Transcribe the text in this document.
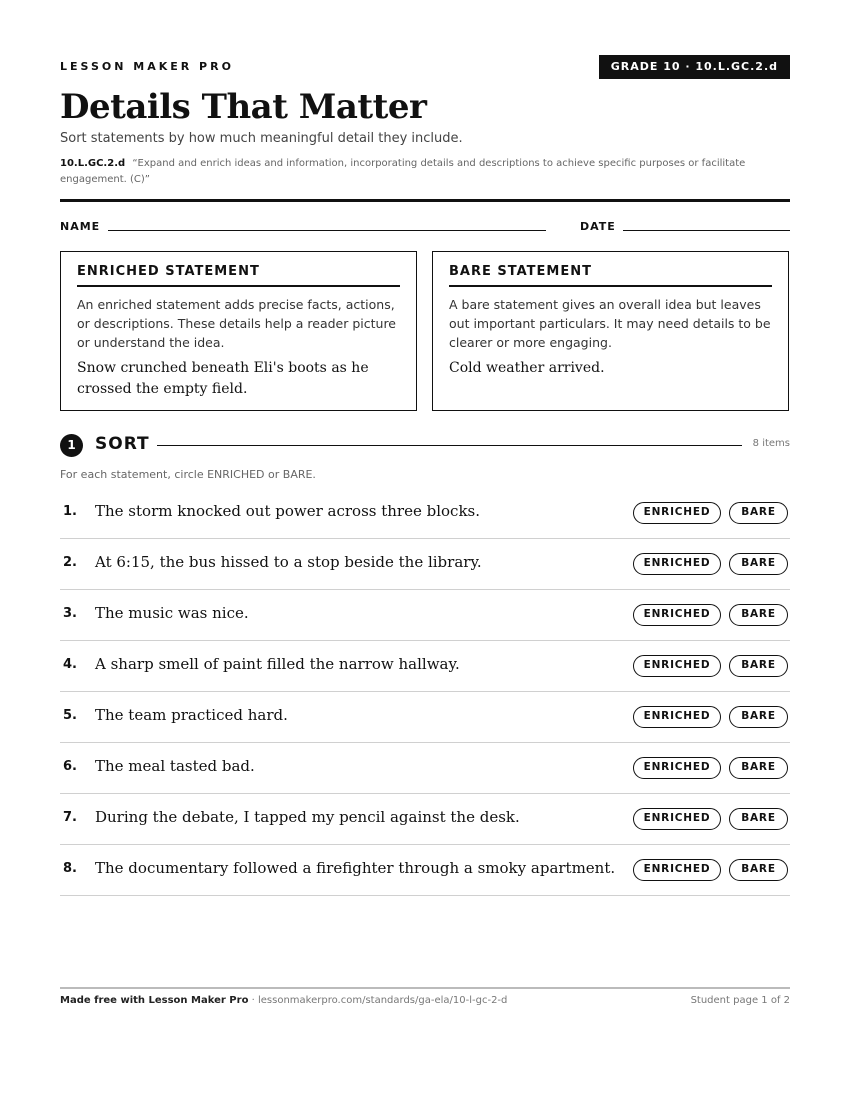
LESSON MAKER PRO	GRADE 10 · 10.L.GC.2.d
Details That Matter
Sort statements by how much meaningful detail they include.
10.L.GC.2.d “Expand and enrich ideas and information, incorporating details and descriptions to achieve specific purposes or facilitate engagement. (C)”
NAME	DATE
ENRICHED STATEMENT
An enriched statement adds precise facts, actions, or descriptions. These details help a reader picture or understand the idea.
Snow crunched beneath Eli's boots as he crossed the empty field.
BARE STATEMENT
A bare statement gives an overall idea but leaves out important particulars. It may need details to be clearer or more engaging.
Cold weather arrived.
1	SORT	8 items
For each statement, circle ENRICHED or BARE.
1. The storm knocked out power across three blocks.	ENRICHED	BARE
2. At 6:15, the bus hissed to a stop beside the library.	ENRICHED	BARE
3. The music was nice.	ENRICHED	BARE
4. A sharp smell of paint filled the narrow hallway.	ENRICHED	BARE
5. The team practiced hard.	ENRICHED	BARE
6. The meal tasted bad.	ENRICHED	BARE
7. During the debate, I tapped my pencil against the desk.	ENRICHED	BARE
8. The documentary followed a firefighter through a smoky apartment.	ENRICHED	BARE
Made free with Lesson Maker Pro · lessonmakerpro.com/standards/ga-ela/10-l-gc-2-d	Student page 1 of 2
